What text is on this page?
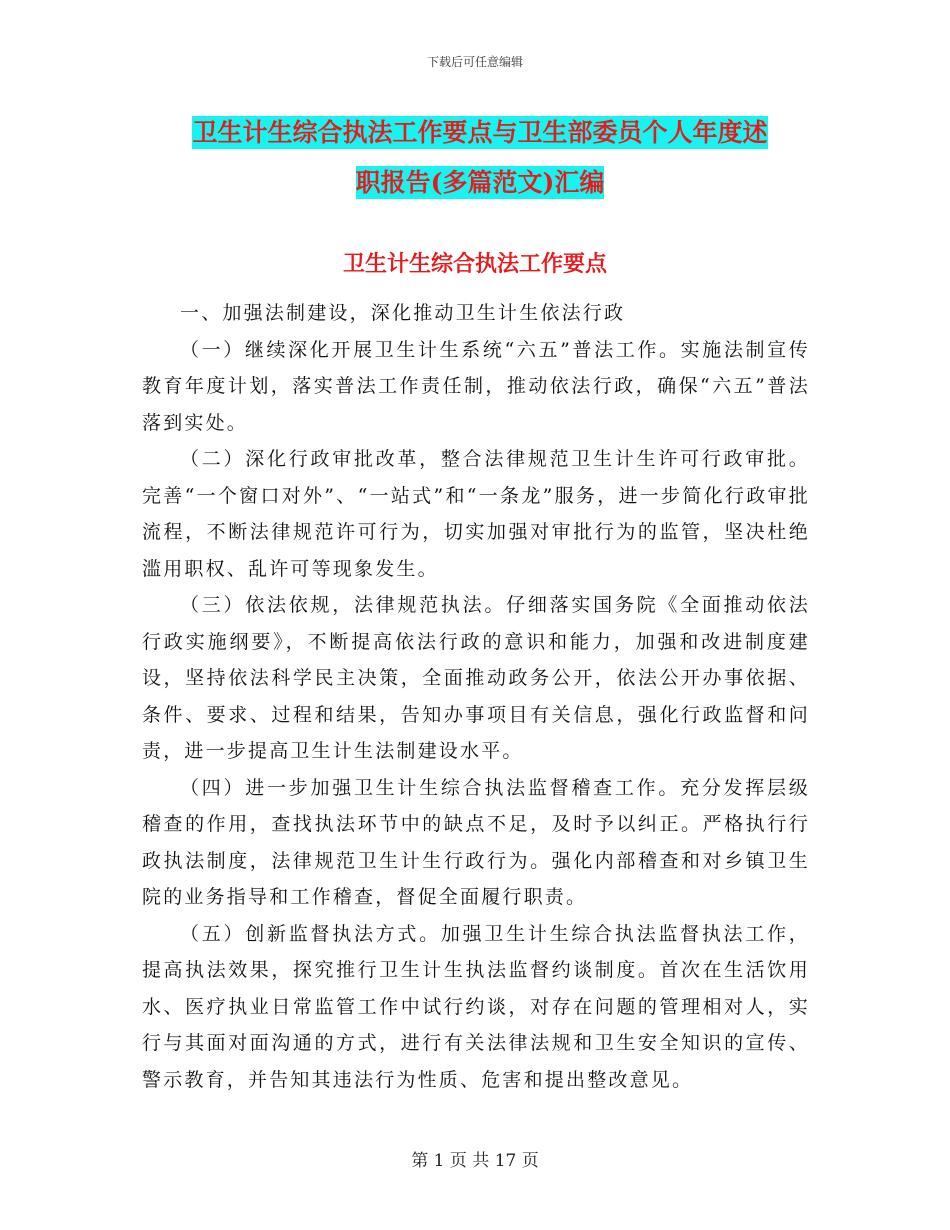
下载后可任意编辑
卫生计生综合执法工作要点与卫生部委员个人年度述
职报告(多篇范文)汇编
卫生计生综合执法工作要点

一、加强法制建设，深化推动卫生计生依法行政

（一）继续深化开展卫生计生系统“六五”普法工作。实施法制宣传教育年度计划，落实普法工作责任制，推动依法行政，确保“六五”普法落到实处。

（二）深化行政审批改革，整合法律规范卫生计生许可行政审批。完善“一个窗口对外”、“一站式”和“一条龙”服务，进一步简化行政审批流程，不断法律规范许可行为，切实加强对审批行为的监管，坚决杜绝滥用职权、乱许可等现象发生。

（三）依法依规，法律规范执法。仔细落实国务院《全面推动依法行政实施纲要》，不断提高依法行政的意识和能力，加强和改进制度建设，坚持依法科学民主决策，全面推动政务公开，依法公开办事依据、条件、要求、过程和结果，告知办事项目有关信息，强化行政监督和问责，进一步提高卫生计生法制建设水平。

（四）进一步加强卫生计生综合执法监督稽查工作。充分发挥层级稽查的作用，查找执法环节中的缺点不足，及时予以纠正。严格执行行政执法制度，法律规范卫生计生行政行为。强化内部稽查和对乡镇卫生院的业务指导和工作稽查，督促全面履行职责。

（五）创新监督执法方式。加强卫生计生综合执法监督执法工作，提高执法效果，探究推行卫生计生执法监督约谈制度。首次在生活饮用水、医疗执业日常监管工作中试行约谈，对存在问题的管理相对人，实行与其面对面沟通的方式，进行有关法律法规和卫生安全知识的宣传、警示教育，并告知其违法行为性质、危害和提出整改意见。

第 1 页 共 17 页
